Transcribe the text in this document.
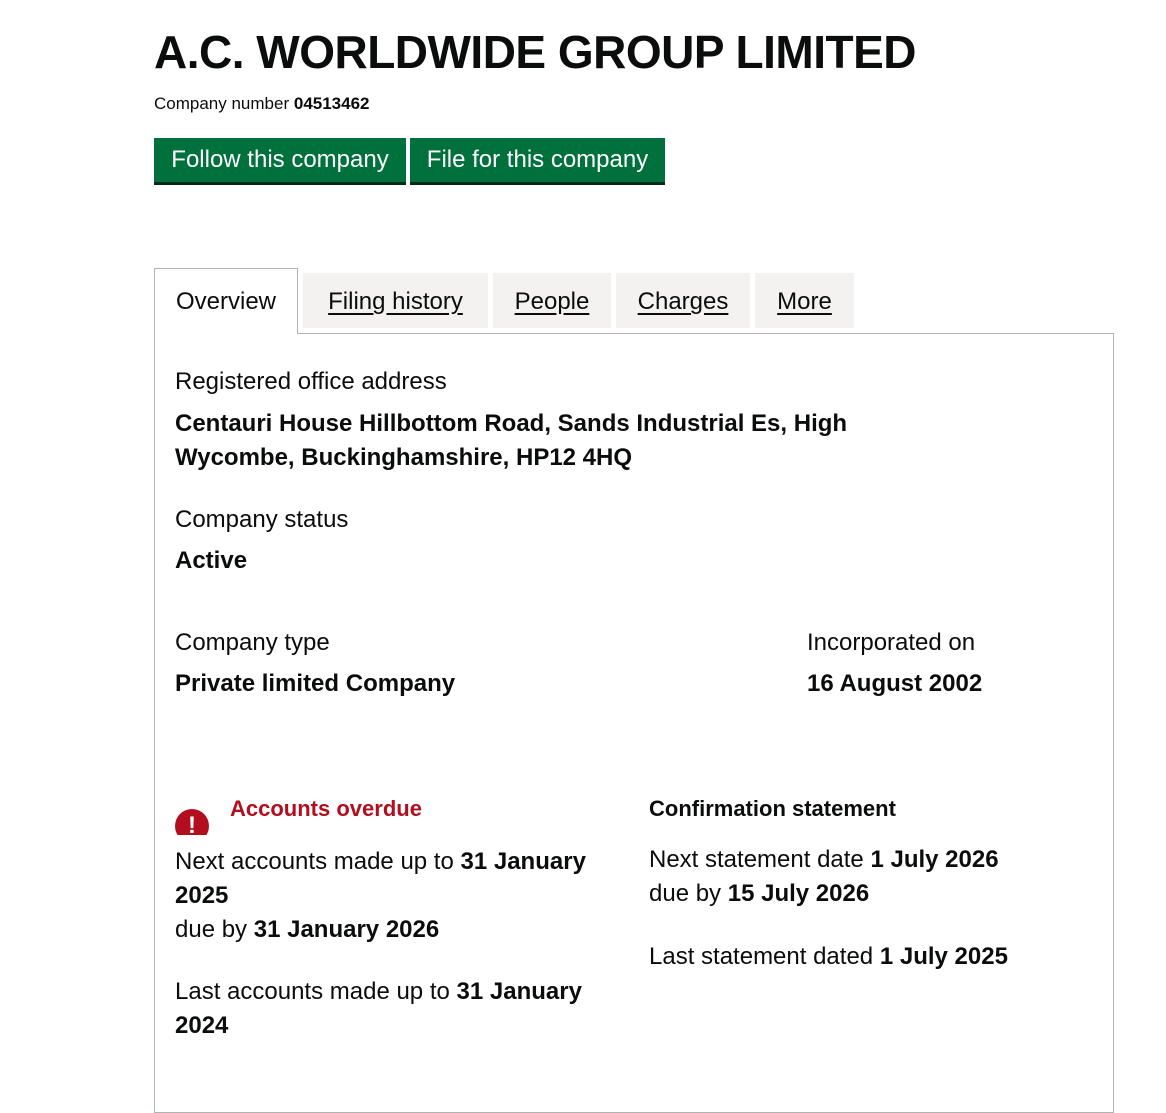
A.C. WORLDWIDE GROUP LIMITED
Company number 04513462
Follow this company	File for this company
Overview	Filing history	People	Charges	More
Registered office address
Centauri House Hillbottom Road, Sands Industrial Es, High
Wycombe, Buckinghamshire, HP12 4HQ
Company status
Active
Company type
Private limited Company
Incorporated on
16 August 2002
!
Accounts overdue
Next accounts made up to 31 January 2025
due by 31 January 2026
Last accounts made up to 31 January 2024
Confirmation statement
Next statement date 1 July 2026
due by 15 July 2026
Last statement dated 1 July 2025
